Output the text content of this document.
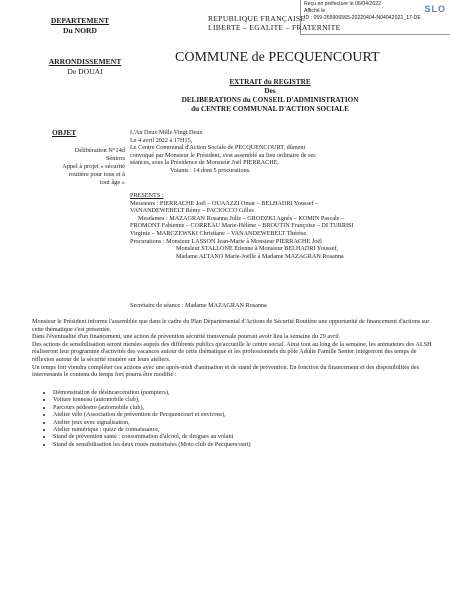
Reçu en préfecture le 06/04/2022
Affiché le
ID : 059-265906565-20220404-N04042022_17-DE
SLO
DEPARTEMENT
Du NORD
REPUBLIQUE FRANÇAISE
LIBERTE – EGALITE – FRATERNITE
ARRONDISSEMENT
De DOUAI
COMMUNE de PECQUENCOURT
EXTRAIT du REGISTRE
Des
DELIBERATIONS du CONSEIL D'ADMINISTRATION
du CENTRE COMMUNAL D'ACTION SOCIALE
OBJET
Délibération N°14d
Séniors
Appel à projet « sécurité
routière pour tous et à
tout âge »
L'An Deux Mille Vingt Deux
Le 4 avril 2022 à 17H15,
Le Centre Communal d'Action Sociale de PECQUENCOURT, dûment
convoqué par Monsieur le Président, s'est assemblé au lieu ordinaire de ses
séances, sous la Présidence de Monsieur Joël PIERRACHE.
Votants : 14 dont 5 procurations.
PRESENTS :
Messieurs : PIERRACHE Joël – OUAAZZI Omar – BELHADRI Youssef –
VANANDEWEBELT Rémy – PACIOCCO Gilles
Mesdames : MAZAGRAN Rosanna Julie – GRODZKI Agnès – KOMIN Pascale –
FROMONT Fabienne – CORREAU Marie-Hélène – BROUTIN Françoise – DI TURRISI
Virginie – MARCZEWSKI Christiane – VANANDEWEBELT Thérèse.
Procurations : Monsieur LASSON Jean-Marie à Monsieur PIERRACHE Joël
Monsieur STALLONE Etienne à Monsieur BELHADRI Youssef,
Madame ALTANO Marie-Joëlle à Madame MAZAGRAN Rosanna
Secrétaire de séance : Madame MAZAGRAN Rosanna
Monsieur le Président informe l'assemblée que dans le cadre du Plan Départemental d'Actions de Sécurité Routière une opportunité de financement d'actions sur cette thématique s'est présentée.
Dans l'éventualité d'un financement, une action de prévention sécurité transversale pourrait avoir lieu la semaine du 29 avril.
Des actions de sensibilisation seront menées auprès des différents publics qu'accueille le centre social. Ainsi tout au long de la semaine, les animateurs des ALSH réaliseront leur programme d'activités des vacances autour de cette thématique et les professionnels du pôle Adulte Famille Senior intègreront des temps de réflexion autour de la sécurité routière sur leurs ateliers.
Un temps fort viendra compléter ces actions avec une après-midi d'animation et de stand de prévention. En fonction du financement et des disponibilités des intervenants le contenu du temps fort pourra être modifié :
• Démonstration de désincarcération (pompiers),
• Voiture tonneau (automobile club),
• Parcours pédestre (automobile club),
• Atelier vélo (Association de prévention de Pecquencourt et environs),
• Atelier jeux avec signalisation,
• Atelier numérique : quizz de connaissance,
• Stand de prévention santé : consommation d'alcool, de drogues au volant
• Stand de sensibilisation les deux roues motorisées (Moto club de Pecquencourt)
